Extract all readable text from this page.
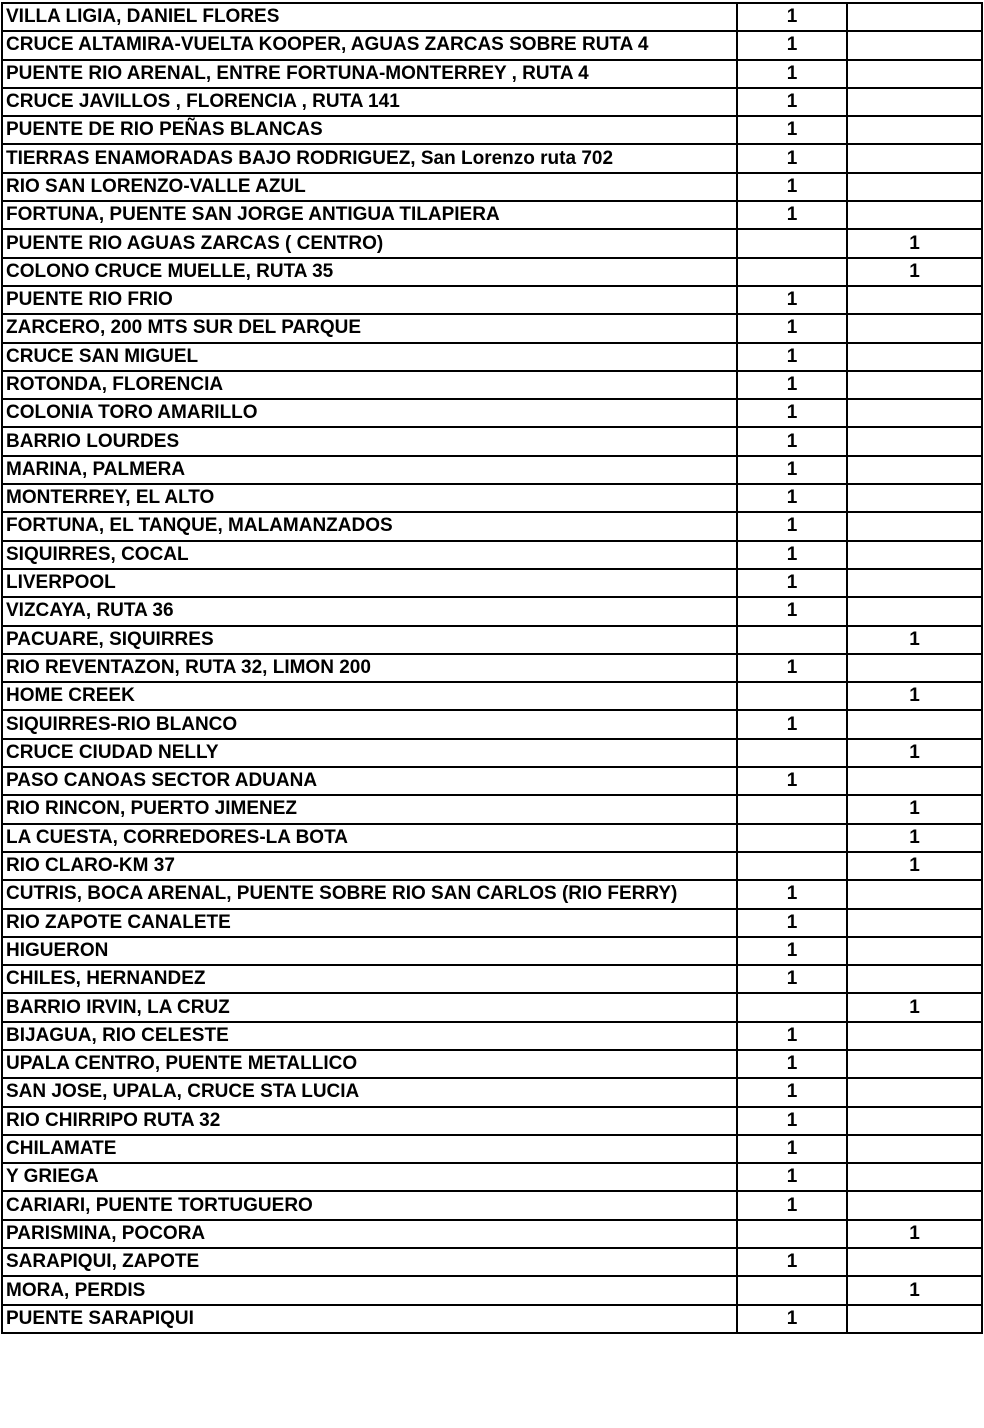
VILLA LIGIA, DANIEL FLORES	1	
CRUCE ALTAMIRA-VUELTA KOOPER, AGUAS ZARCAS SOBRE RUTA 4	1	
PUENTE RIO ARENAL, ENTRE FORTUNA-MONTERREY , RUTA 4	1	
CRUCE JAVILLOS , FLORENCIA , RUTA 141	1	
PUENTE DE RIO PEÑAS BLANCAS	1	
TIERRAS ENAMORADAS BAJO RODRIGUEZ, San Lorenzo ruta 702	1	
RIO SAN LORENZO-VALLE AZUL	1	
FORTUNA, PUENTE SAN JORGE ANTIGUA TILAPIERA	1	
PUENTE RIO AGUAS ZARCAS ( CENTRO)		1
COLONO CRUCE MUELLE, RUTA 35		1
PUENTE RIO FRIO	1	
ZARCERO, 200 MTS SUR DEL PARQUE	1	
CRUCE SAN MIGUEL	1	
ROTONDA, FLORENCIA	1	
COLONIA TORO AMARILLO	1	
BARRIO LOURDES	1	
MARINA, PALMERA	1	
MONTERREY, EL ALTO	1	
FORTUNA, EL TANQUE, MALAMANZADOS	1	
SIQUIRRES, COCAL	1	
LIVERPOOL	1	
VIZCAYA, RUTA 36	1	
PACUARE, SIQUIRRES		1
RIO REVENTAZON, RUTA 32, LIMON 200	1	
HOME CREEK		1
SIQUIRRES-RIO BLANCO	1	
CRUCE CIUDAD NELLY		1
PASO CANOAS SECTOR ADUANA	1	
RIO RINCON, PUERTO JIMENEZ		1
LA CUESTA, CORREDORES-LA BOTA		1
RIO CLARO-KM 37		1
CUTRIS, BOCA ARENAL, PUENTE SOBRE RIO SAN CARLOS (RIO FERRY)	1	
RIO ZAPOTE CANALETE	1	
HIGUERON	1	
CHILES, HERNANDEZ	1	
BARRIO IRVIN, LA CRUZ		1
BIJAGUA, RIO CELESTE	1	
UPALA CENTRO, PUENTE METALLICO	1	
SAN JOSE, UPALA, CRUCE STA LUCIA	1	
RIO CHIRRIPO RUTA 32	1	
CHILAMATE	1	
Y GRIEGA	1	
CARIARI, PUENTE TORTUGUERO	1	
PARISMINA, POCORA		1
SARAPIQUI, ZAPOTE	1	
MORA, PERDIS		1
PUENTE SARAPIQUI	1	
